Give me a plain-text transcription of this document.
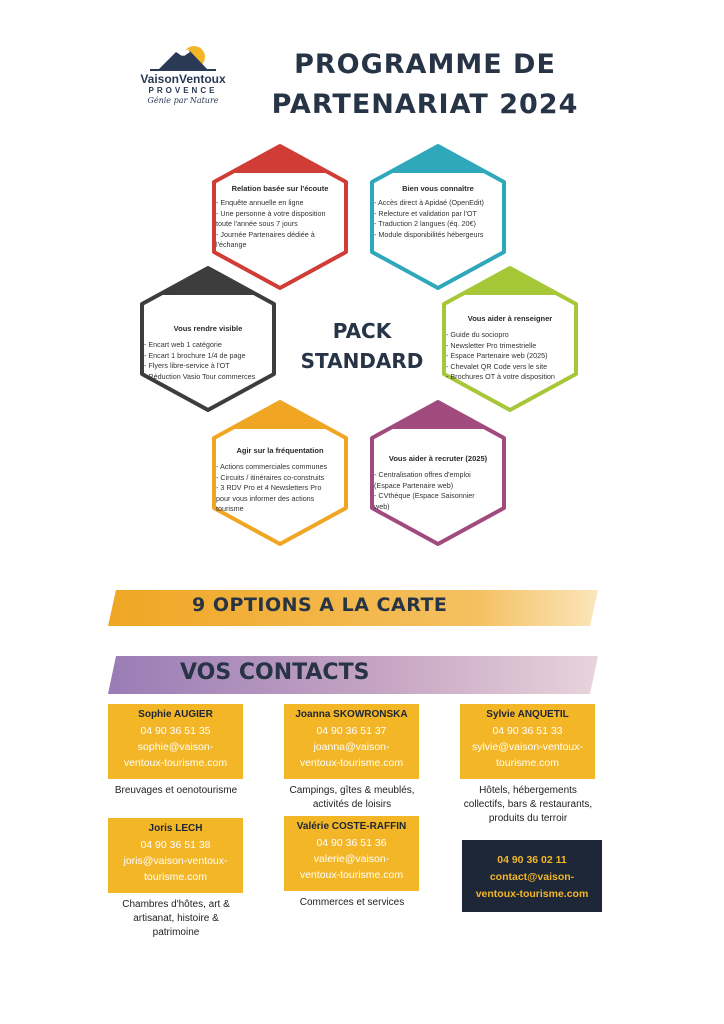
VaisonVentoux
PROVENCE
Génie par Nature
PROGRAMME DE
PARTENARIAT 2024
Relation basée sur l'écoute
- Enquête annuelle en ligne
- Une personne à votre disposition
toute l'année sous 7 jours
- Journée Partenaires dédiée à
l'échange
Bien vous connaître
- Accès direct à Apidaé (OpenEdit)
- Relecture et validation par l'OT
- Traduction 2 langues (éq. 20€)
- Module disponibilités hébergeurs
Vous rendre visible
- Encart web 1 catégorie
- Encart 1 brochure 1/4 de page
- Flyers libre-service à l'OT
- Réduction Vasio Tour commerces
Vous aider à renseigner
- Guide du sociopro
- Newsletter Pro trimestrielle
- Espace Partenaire web (2025)
- Chevalet QR Code vers le site
- Brochures OT à votre disposition
Agir sur la fréquentation
- Actions commerciales communes
- Circuits / itinéraires co-construits
- 3 RDV Pro et 4 Newsletters Pro
pour vous informer des actions
tourisme
Vous aider à recruter (2025)
- Centralisation offres d'emploi
(Espace Partenaire web)
- CVthèque (Espace Saisonnier
web)
PACK
STANDARD
9 OPTIONS A LA CARTE
VOS CONTACTS
Sophie AUGIER
04 90 36 51 35
sophie@vaison-
ventoux-tourisme.com
Breuvages et oenotourisme
Joanna SKOWRONSKA
04 90 36 51 37
joanna@vaison-
ventoux-tourisme.com
Campings, gîtes & meublés,
activités de loisirs
Sylvie ANQUETIL
04 90 36 51 33
sylvie@vaison-ventoux-
tourisme.com
Hôtels, hébergements
collectifs, bars & restaurants,
produits du terroir
Joris LECH
04 90 36 51 38
joris@vaison-ventoux-
tourisme.com
Chambres d'hôtes, art &
artisanat, histoire &
patrimoine
Valérie COSTE-RAFFIN
04 90 36 51 36
valerie@vaison-
ventoux-tourisme.com
Commerces et services
04 90 36 02 11
contact@vaison-
ventoux-tourisme.com
